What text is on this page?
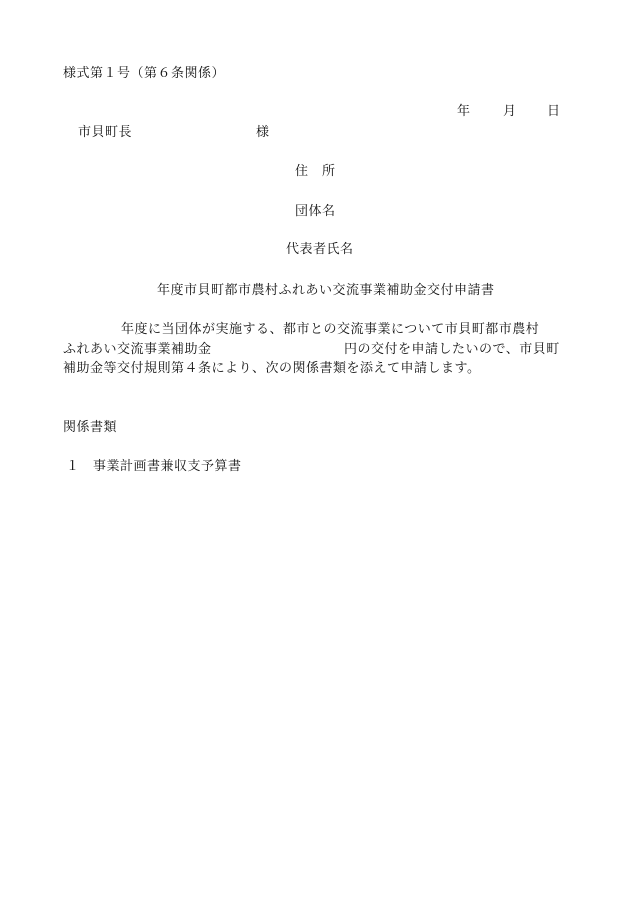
様式第１号（第６条関係）
年 月 日
市貝町長	様
住　所
団体名
代表者氏名
年度市貝町都市農村ふれあい交流事業補助金交付申請書
年度に当団体が実施する、都市との交流事業について市貝町都市農村
ふれあい交流事業補助金	円の交付を申請したいので、市貝町
補助金等交付規則第４条により、次の関係書類を添えて申請します。
関係書類
１ 事業計画書兼収支予算書
